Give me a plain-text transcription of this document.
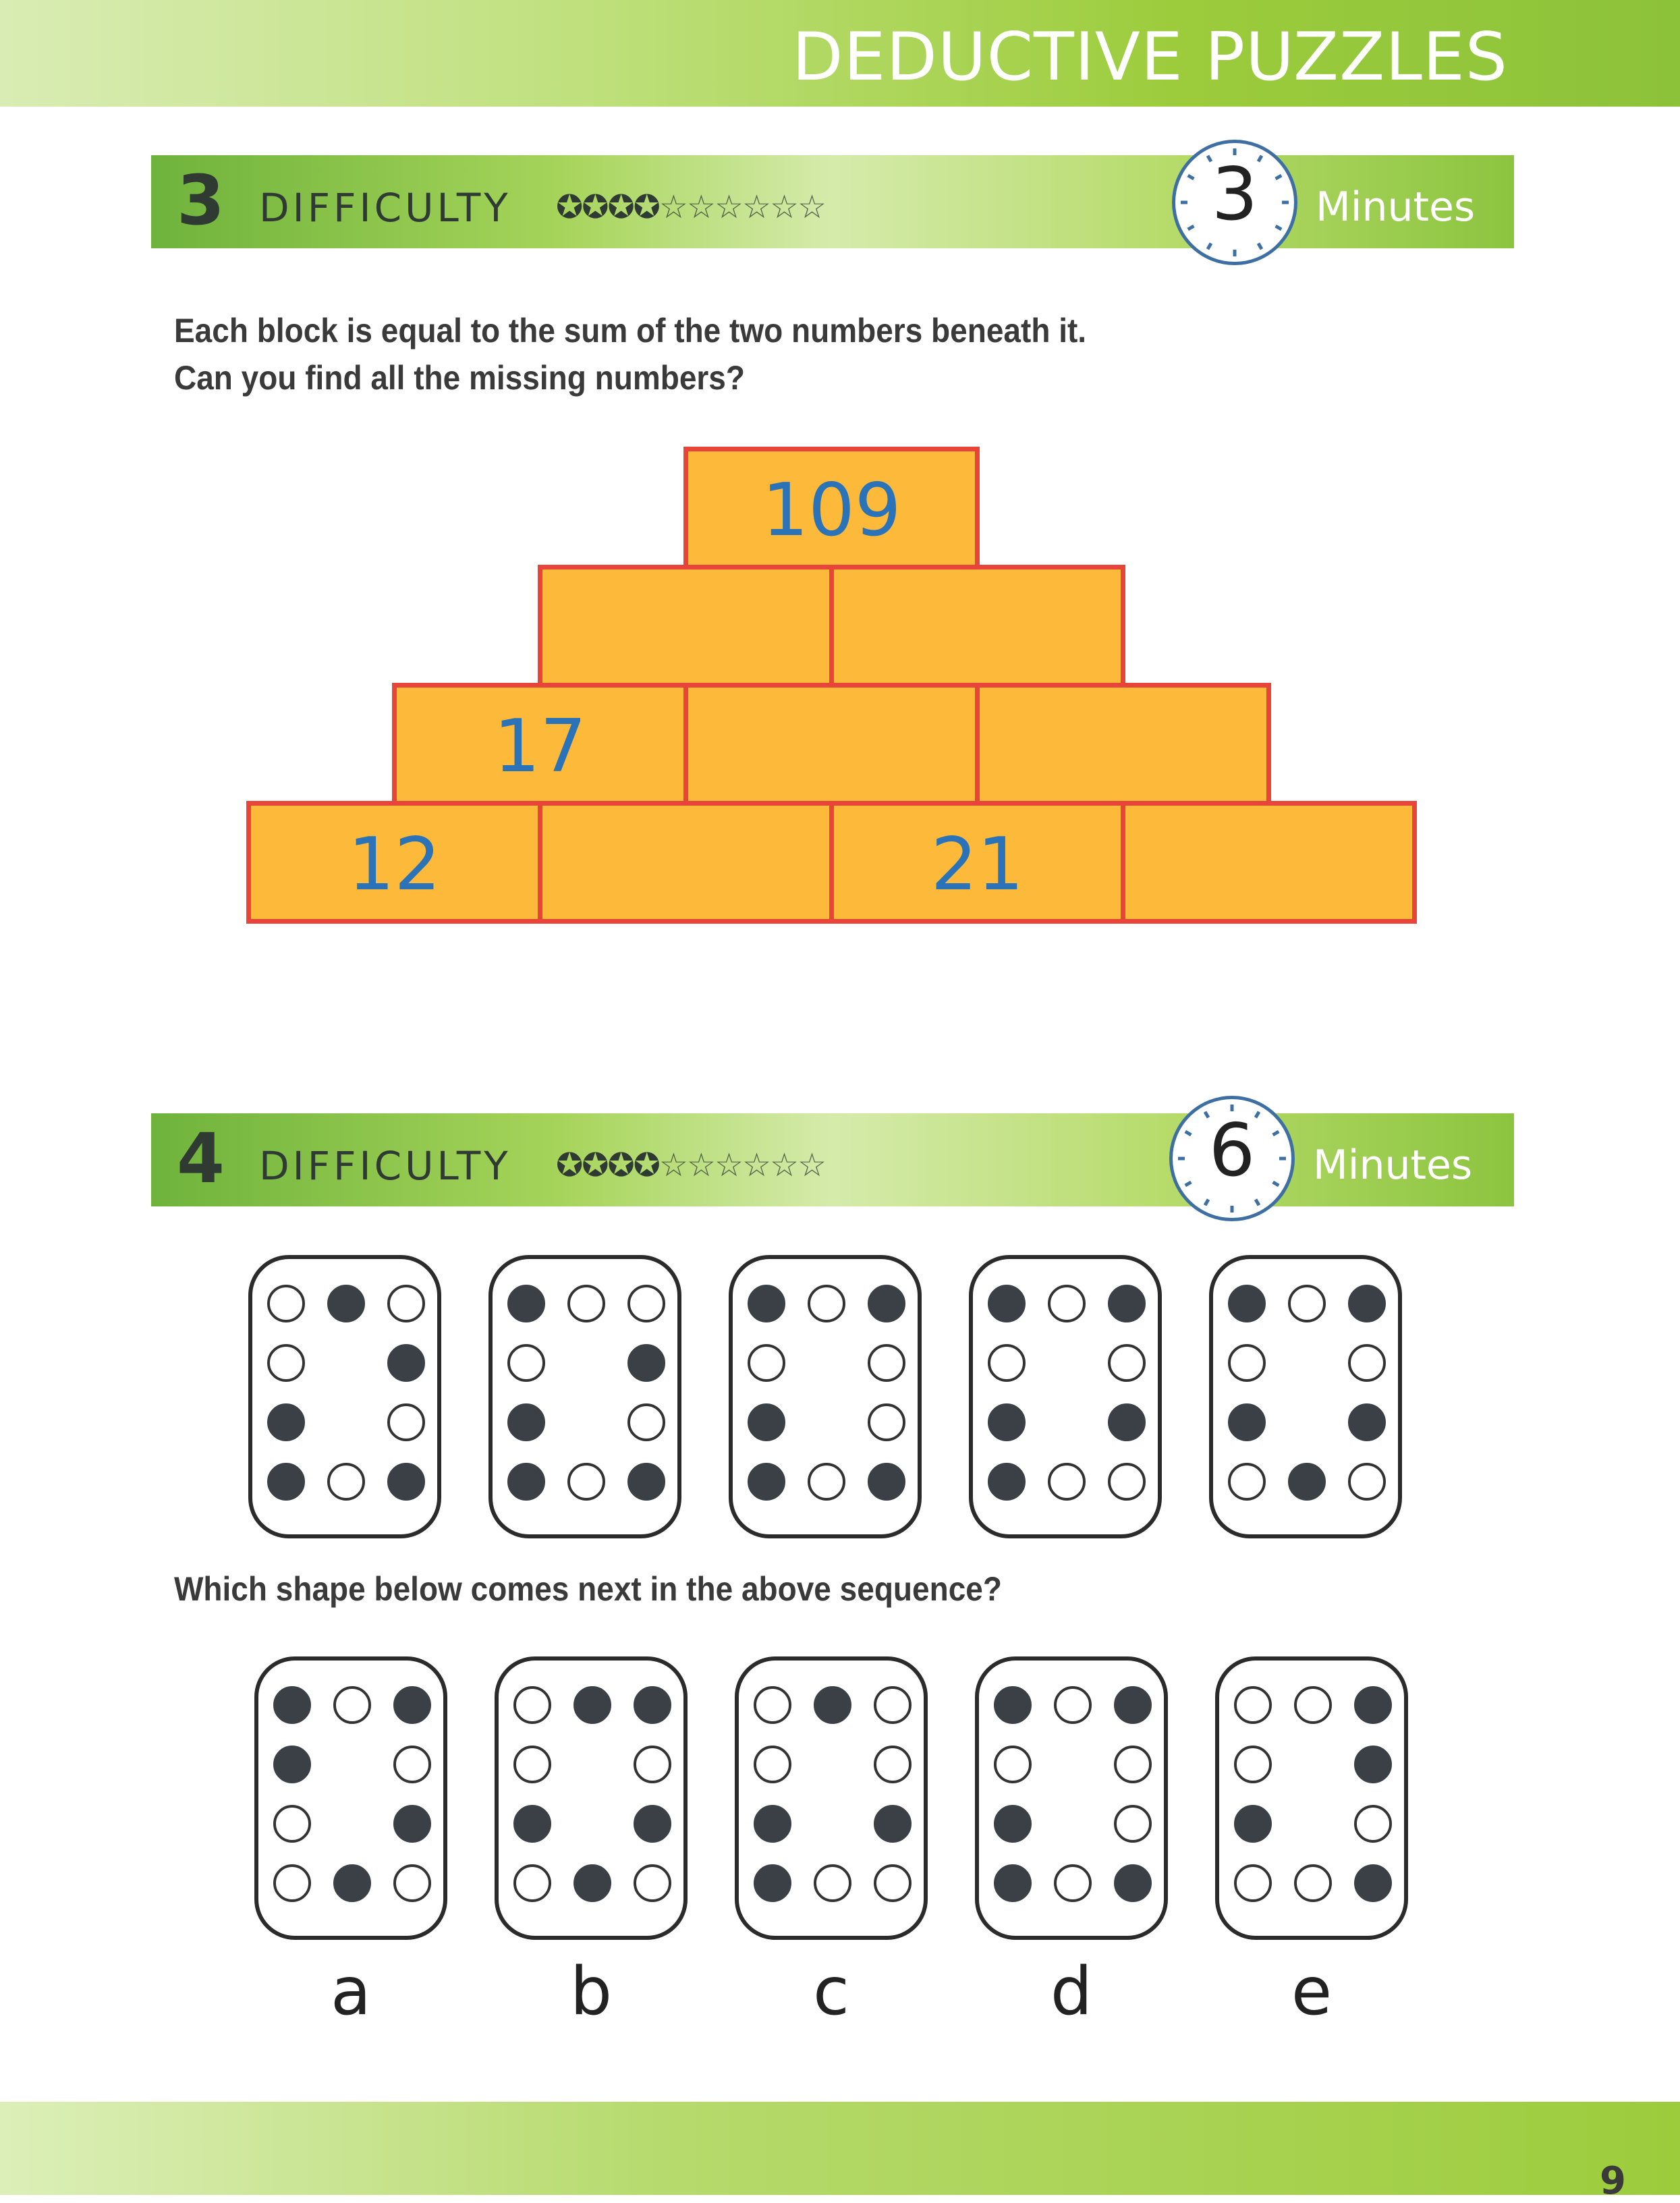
DEDUCTIVE PUZZLES
3 DIFFICULTY ✪✪✪✪☆☆☆☆☆☆	Minutes
3
Each block is equal to the sum of the two numbers beneath it.
Can you find all the missing numbers?
109
17
12	21
4 DIFFICULTY ✪✪✪✪☆☆☆☆☆☆	Minutes
6
Which shape below comes next in the above sequence?
a	b	c	d	e
9
